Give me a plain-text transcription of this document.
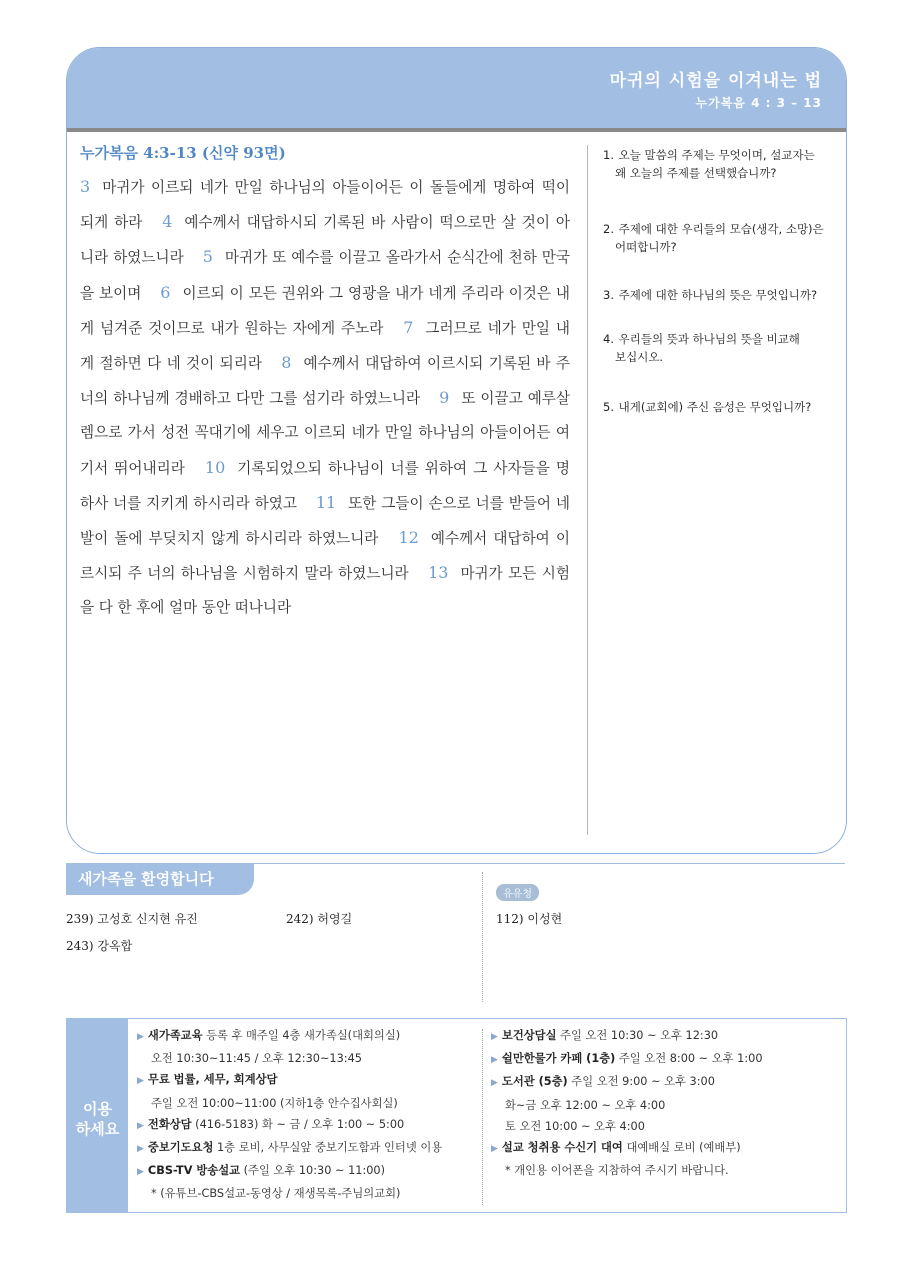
마귀의 시험을 이겨내는 법
누가복음 4 : 3 – 13
누가복음 4:3-13 (신약 93면)
3 마귀가 이르되 네가 만일 하나님의 아들이어든 이 돌들에게 명하여 떡이 되게 하라 4 예수께서 대답하시되 기록된 바 사람이 떡으로만 살 것이 아니라 하였느니라 5 마귀가 또 예수를 이끌고 올라가서 순식간에 천하 만국을 보이며 6 이르되 이 모든 권위와 그 영광을 내가 네게 주리라 이것은 내게 넘겨준 것이므로 내가 원하는 자에게 주노라 7 그러므로 네가 만일 내게 절하면 다 네 것이 되리라 8 예수께서 대답하여 이르시되 기록된 바 주 너의 하나님께 경배하고 다만 그를 섬기라 하였느니라 9 또 이끌고 예루살렘으로 가서 성전 꼭대기에 세우고 이르되 네가 만일 하나님의 아들이어든 여기서 뛰어내리라 10 기록되었으되 하나님이 너를 위하여 그 사자들을 명하사 너를 지키게 하시리라 하였고 11 또한 그들이 손으로 너를 받들어 네 발이 돌에 부딪치지 않게 하시리라 하였느니라 12 예수께서 대답하여 이르시되 주 너의 하나님을 시험하지 말라 하였느니라 13 마귀가 모든 시험을 다 한 후에 얼마 동안 떠나니라
1. 오늘 말씀의 주제는 무엇이며, 설교자는
왜 오늘의 주제를 선택했습니까?
2. 주제에 대한 우리들의 모습(생각, 소망)은
어떠합니까?
3. 주제에 대한 하나님의 뜻은 무엇입니까?
4. 우리들의 뜻과 하나님의 뜻을 비교해
보십시오.
5. 내게(교회에) 주신 음성은 무엇입니까?
새가족을 환영합니다
239) 고성호 신지현 유진	242) 허영길
243) 강옥합
유유청
112) 이성현
이용
하세요
▶ 새가족교육 등록 후 매주일 4층 새가족실(대회의실)
오전 10:30~11:45 / 오후 12:30~13:45
▶ 무료 법률, 세무, 회계상담
주일 오전 10:00~11:00 (지하1층 안수집사회실)
▶ 전화상담 (416-5183) 화 ~ 금 / 오후 1:00 ~ 5:00
▶ 중보기도요청 1층 로비, 사무실앞 중보기도함과 인터넷 이용
▶ CBS-TV 방송설교 (주일 오후 10:30 ~ 11:00)
* (유튜브-CBS설교-동영상 / 재생목록-주님의교회)
▶ 보건상담실 주일 오전 10:30 ~ 오후 12:30
▶ 쉴만한물가 카페 (1층) 주일 오전 8:00 ~ 오후 1:00
▶ 도서관 (5층) 주일 오전 9:00 ~ 오후 3:00
화~금 오후 12:00 ~ 오후 4:00
토 오전 10:00 ~ 오후 4:00
▶ 설교 청취용 수신기 대여 대예배실 로비 (예배부)
* 개인용 이어폰을 지참하여 주시기 바랍니다.
